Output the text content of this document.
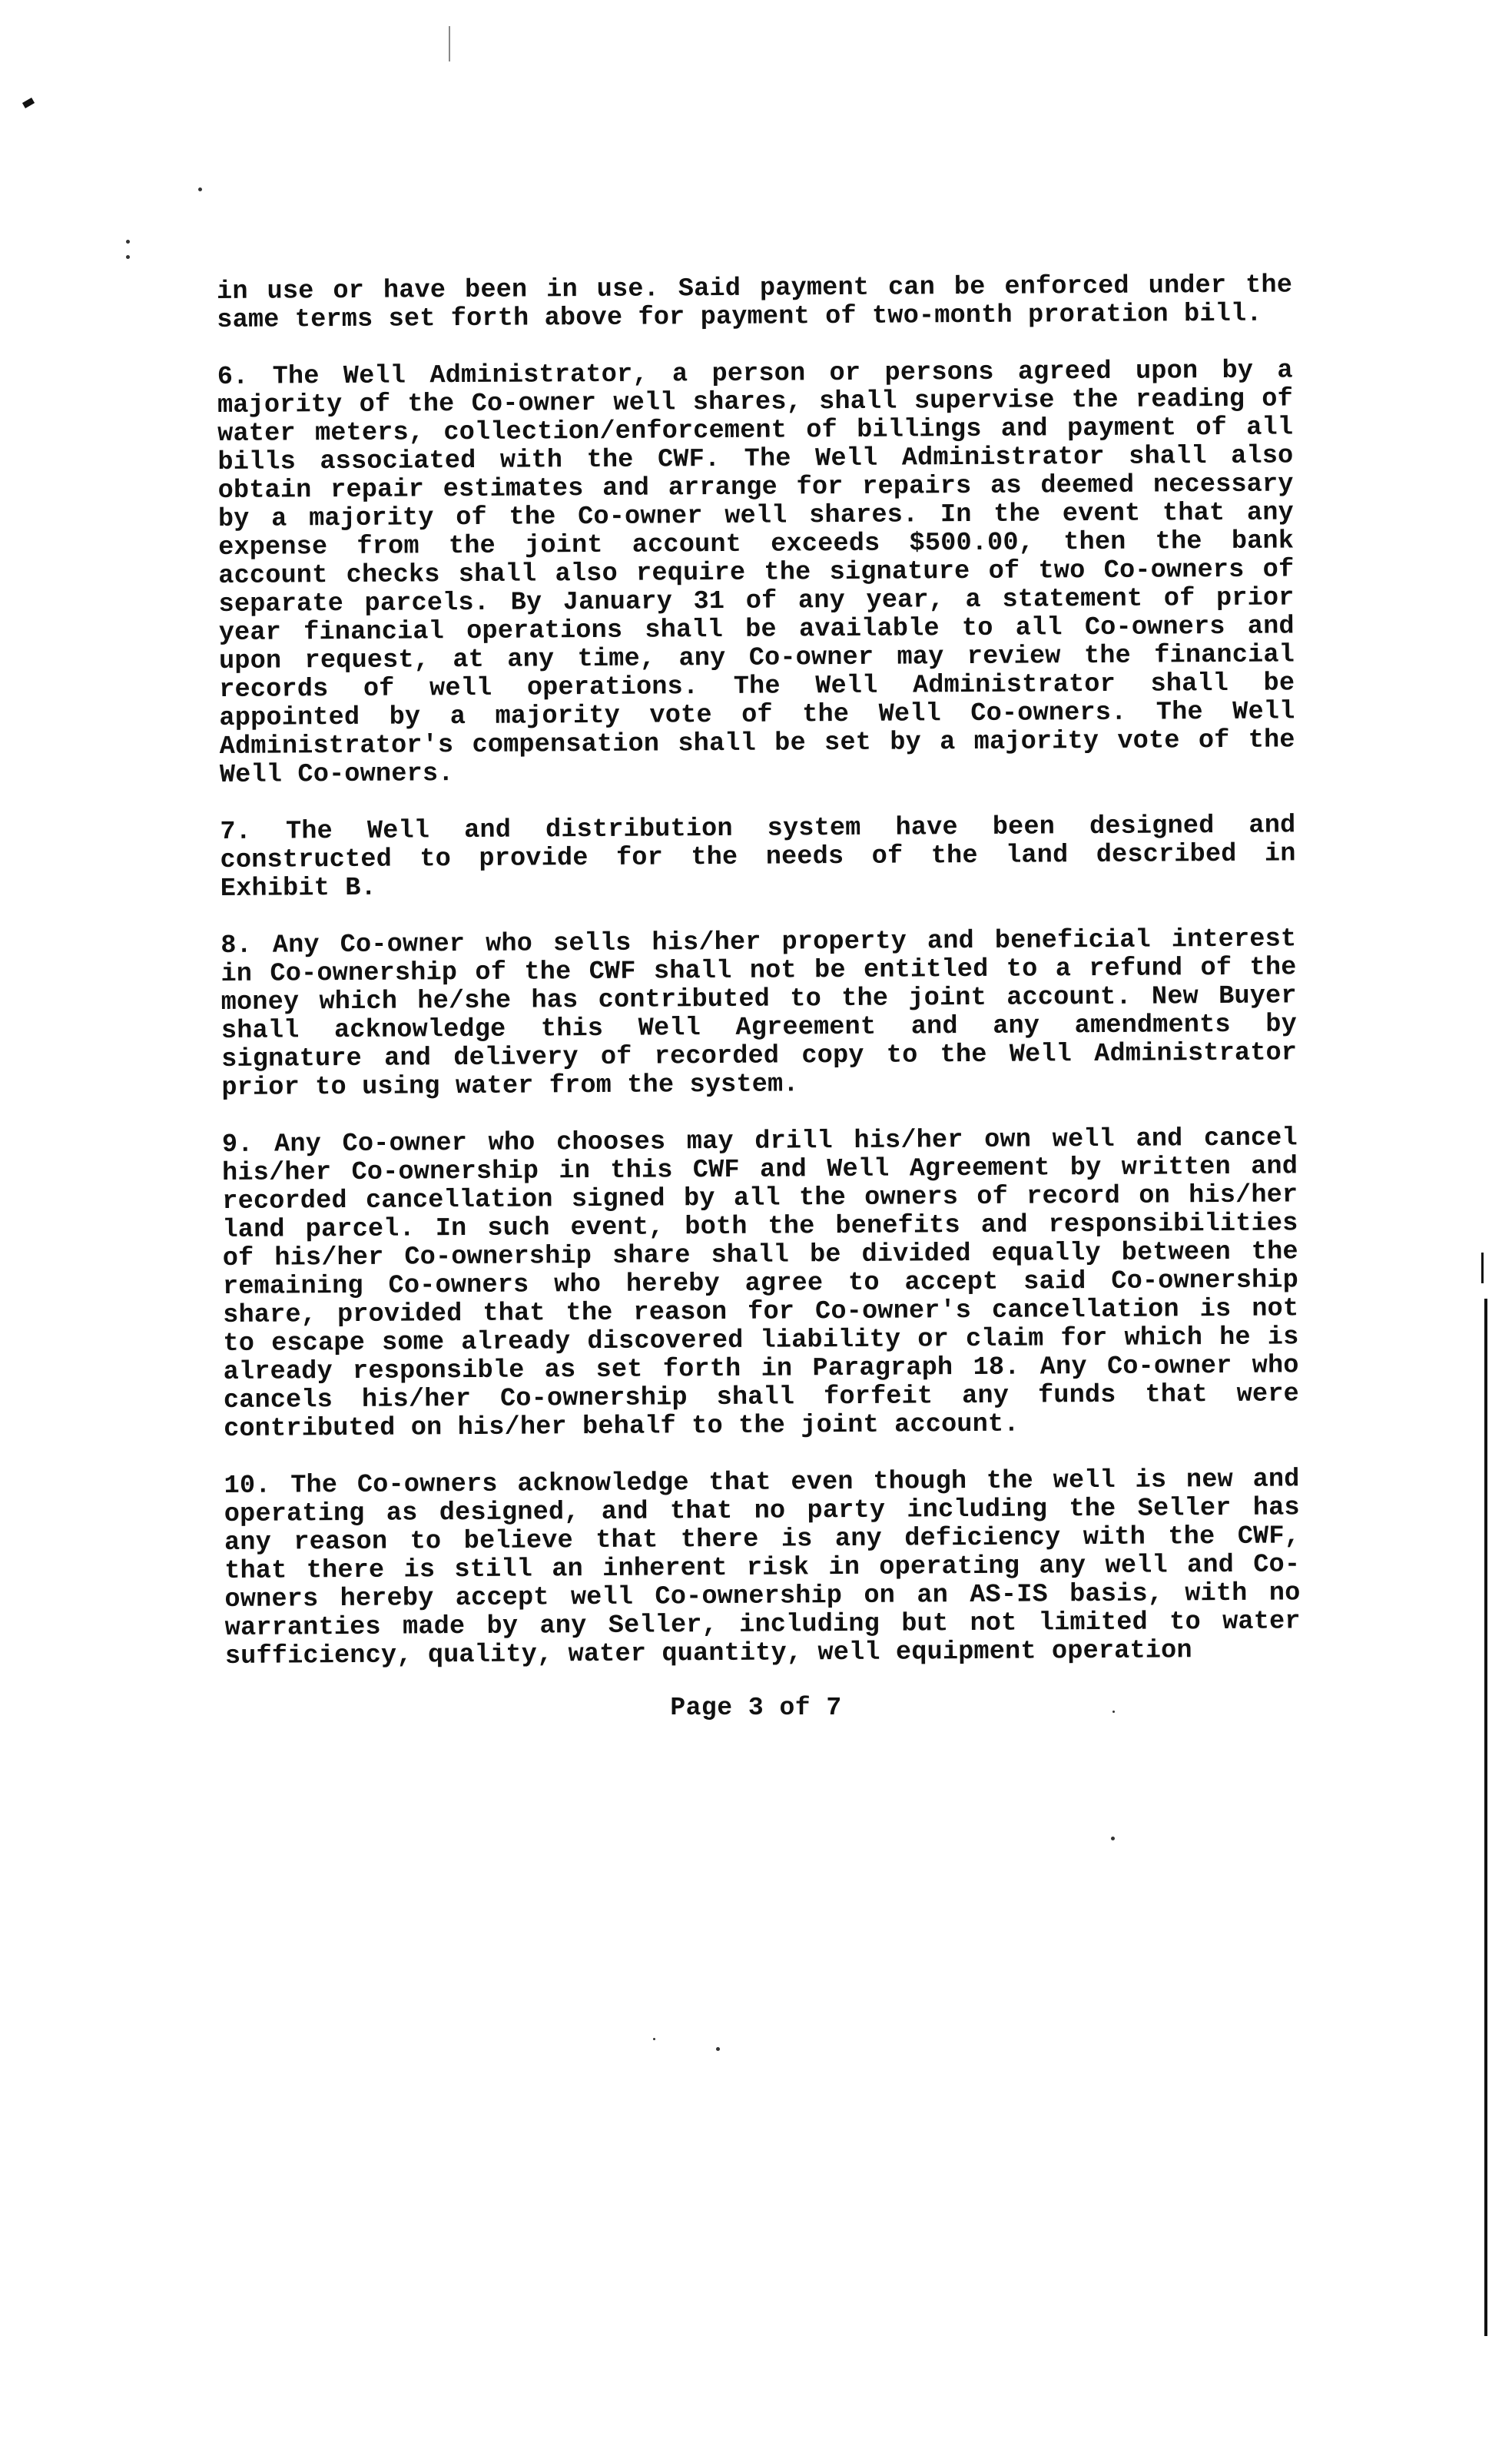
in use or have been in use. Said payment can be enforced under the same terms set forth above for payment of two-month proration bill.

6. The Well Administrator, a person or persons agreed upon by a majority of the Co-owner well shares, shall supervise the reading of water meters, collection/enforcement of billings and payment of all bills associated with the CWF. The Well Administrator shall also obtain repair estimates and arrange for repairs as deemed necessary by a majority of the Co-owner well shares. In the event that any expense from the joint account exceeds $500.00, then the bank account checks shall also require the signature of two Co-owners of separate parcels. By January 31 of any year, a statement of prior year financial operations shall be available to all Co-owners and upon request, at any time, any Co-owner may review the financial records of well operations. The Well Administrator shall be appointed by a majority vote of the Well Co-owners. The Well Administrator's compensation shall be set by a majority vote of the Well Co-owners.

7. The Well and distribution system have been designed and constructed to provide for the needs of the land described in Exhibit B.

8. Any Co-owner who sells his/her property and beneficial interest in Co-ownership of the CWF shall not be entitled to a refund of the money which he/she has contributed to the joint account. New Buyer shall acknowledge this Well Agreement and any amendments by signature and delivery of recorded copy to the Well Administrator prior to using water from the system.

9. Any Co-owner who chooses may drill his/her own well and cancel his/her Co-ownership in this CWF and Well Agreement by written and recorded cancellation signed by all the owners of record on his/her land parcel. In such event, both the benefits and responsibilities of his/her Co-ownership share shall be divided equally between the remaining Co-owners who hereby agree to accept said Co-ownership share, provided that the reason for Co-owner's cancellation is not to escape some already discovered liability or claim for which he is already responsible as set forth in Paragraph 18. Any Co-owner who cancels his/her Co-ownership shall forfeit any funds that were contributed on his/her behalf to the joint account.

10. The Co-owners acknowledge that even though the well is new and operating as designed, and that no party including the Seller has any reason to believe that there is any deficiency with the CWF, that there is still an inherent risk in operating any well and Co-owners hereby accept well Co-ownership on an AS-IS basis, with no warranties made by any Seller, including but not limited to water sufficiency, quality, water quantity, well equipment operation

Page 3 of 7
